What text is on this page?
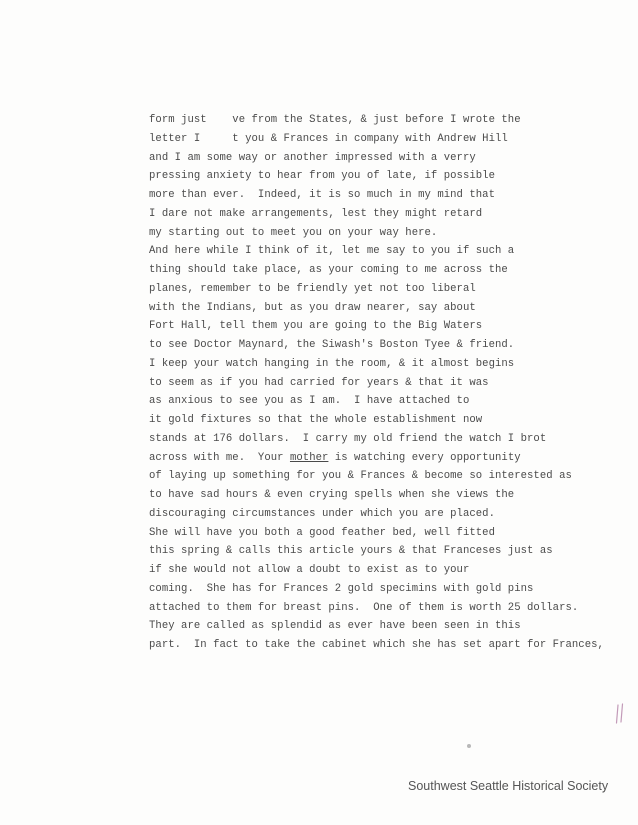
form just    ve from the States, & just before I wrote the
letter I     t you & Frances in company with Andrew Hill
and I am some way or another impressed with a verry
pressing anxiety to hear from you of late, if possible
more than ever.  Indeed, it is so much in my mind that
I dare not make arrangements, lest they might retard
my starting out to meet you on your way here.
And here while I think of it, let me say to you if such a
thing should take place, as your coming to me across the
planes, remember to be friendly yet not too liberal
with the Indians, but as you draw nearer, say about
Fort Hall, tell them you are going to the Big Waters
to see Doctor Maynard, the Siwash's Boston Tyee & friend.
I keep your watch hanging in the room, & it almost begins
to seem as if you had carried for years & that it was
as anxious to see you as I am.  I have attached to
it gold fixtures so that the whole establishment now
stands at 176 dollars.  I carry my old friend the watch I brot
across with me.  Your mother is watching every opportunity
of laying up something for you & Frances & become so interested as
to have sad hours & even crying spells when she views the
discouraging circumstances under which you are placed.
She will have you both a good feather bed, well fitted
this spring & calls this article yours & that Franceses just as
if she would not allow a doubt to exist as to your
coming.  She has for Frances 2 gold specimins with gold pins
attached to them for breast pins.  One of them is worth 25 dollars.
They are called as splendid as ever have been seen in this
part.  In fact to take the cabinet which she has set apart for Frances,
Southwest Seattle Historical Society
